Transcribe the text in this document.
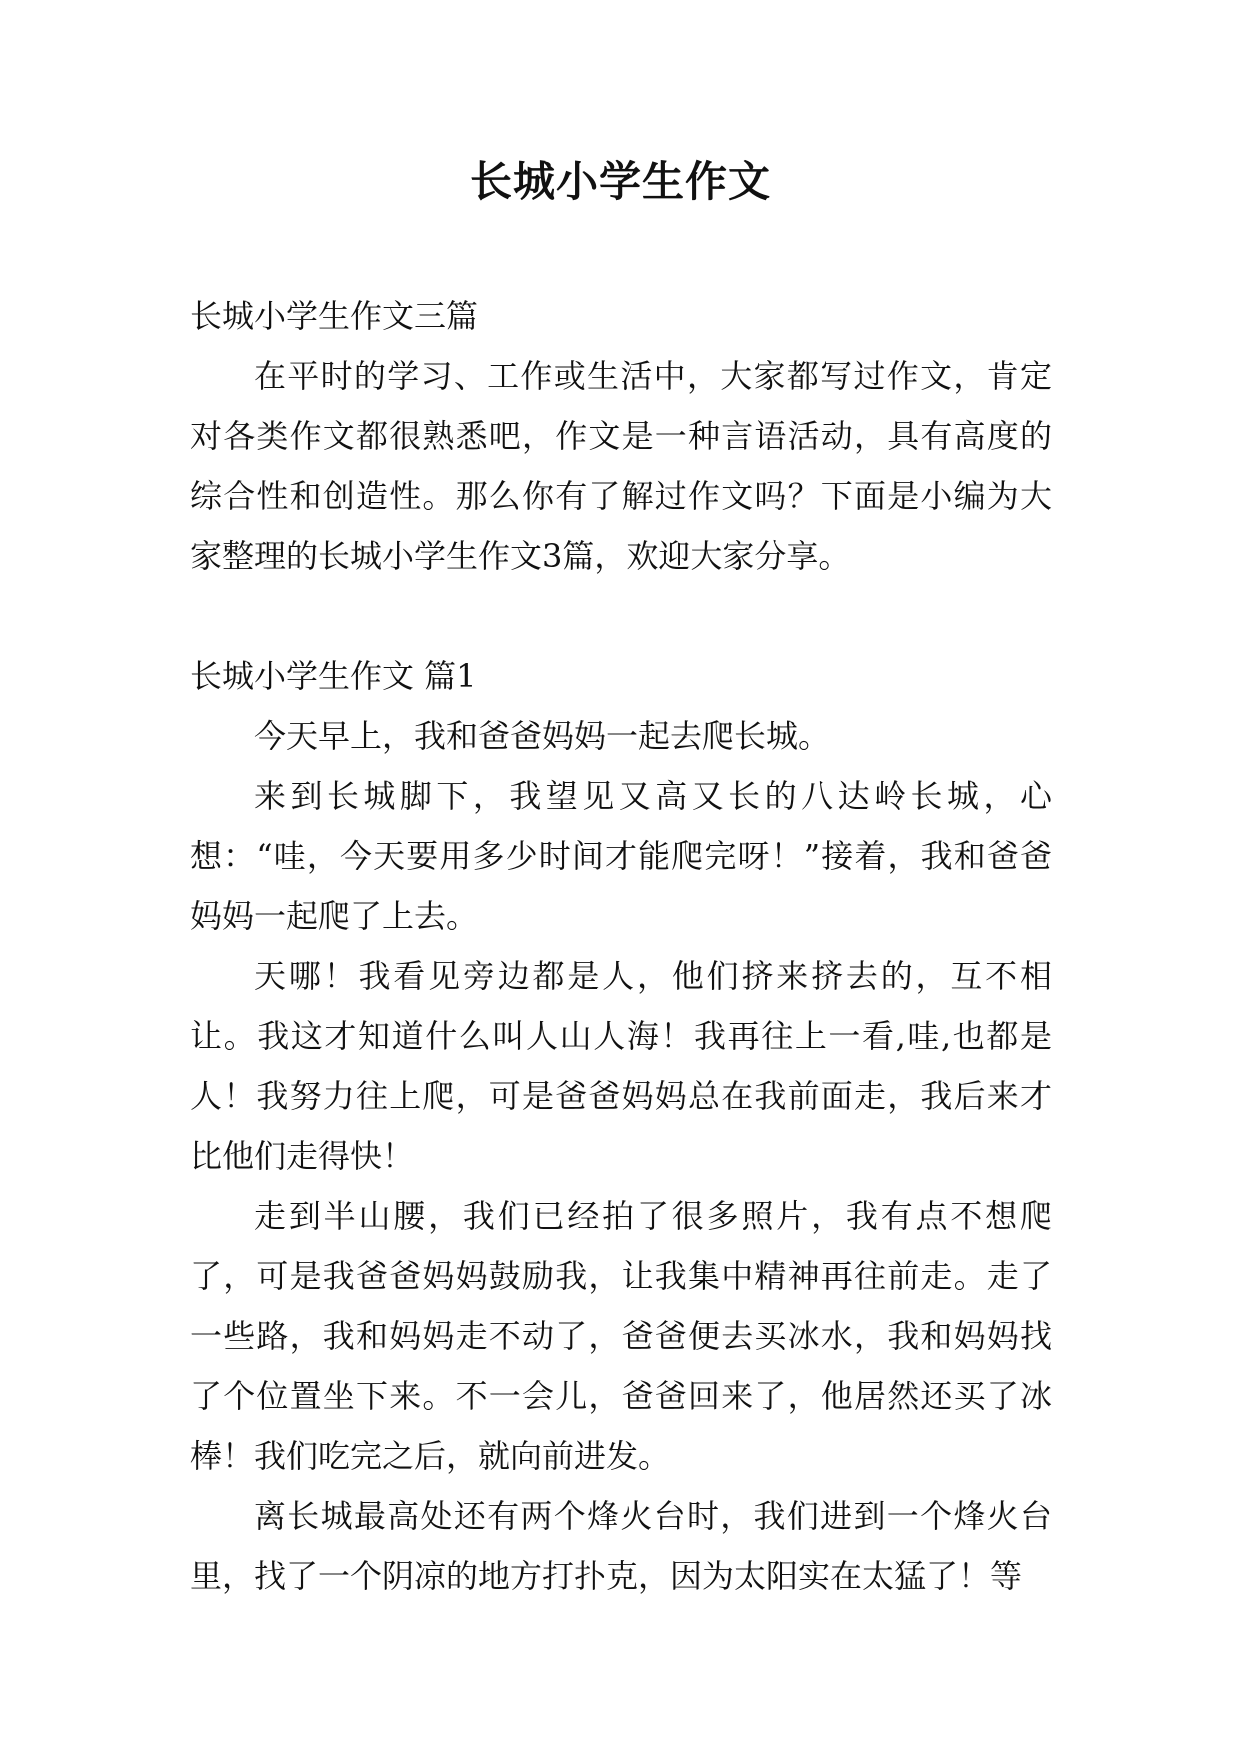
长城小学生作文

长城小学生作文三篇

在平时的学习、工作或生活中，大家都写过作文，肯定对各类作文都很熟悉吧，作文是一种言语活动，具有高度的综合性和创造性。那么你有了解过作文吗？下面是小编为大家整理的长城小学生作文3篇，欢迎大家分享。

长城小学生作文 篇1

今天早上，我和爸爸妈妈一起去爬长城。

来到长城脚下，我望见又高又长的八达岭长城，心想：“哇，今天要用多少时间才能爬完呀！”接着，我和爸爸妈妈一起爬了上去。

天哪！我看见旁边都是人，他们挤来挤去的，互不相让。我这才知道什么叫人山人海！我再往上一看,哇,也都是人！我努力往上爬，可是爸爸妈妈总在我前面走，我后来才比他们走得快！

走到半山腰，我们已经拍了很多照片，我有点不想爬了，可是我爸爸妈妈鼓励我，让我集中精神再往前走。走了一些路，我和妈妈走不动了，爸爸便去买冰水，我和妈妈找了个位置坐下来。不一会儿，爸爸回来了，他居然还买了冰棒！我们吃完之后，就向前进发。

离长城最高处还有两个烽火台时，我们进到一个烽火台里，找了一个阴凉的地方打扑克，因为太阳实在太猛了！等
